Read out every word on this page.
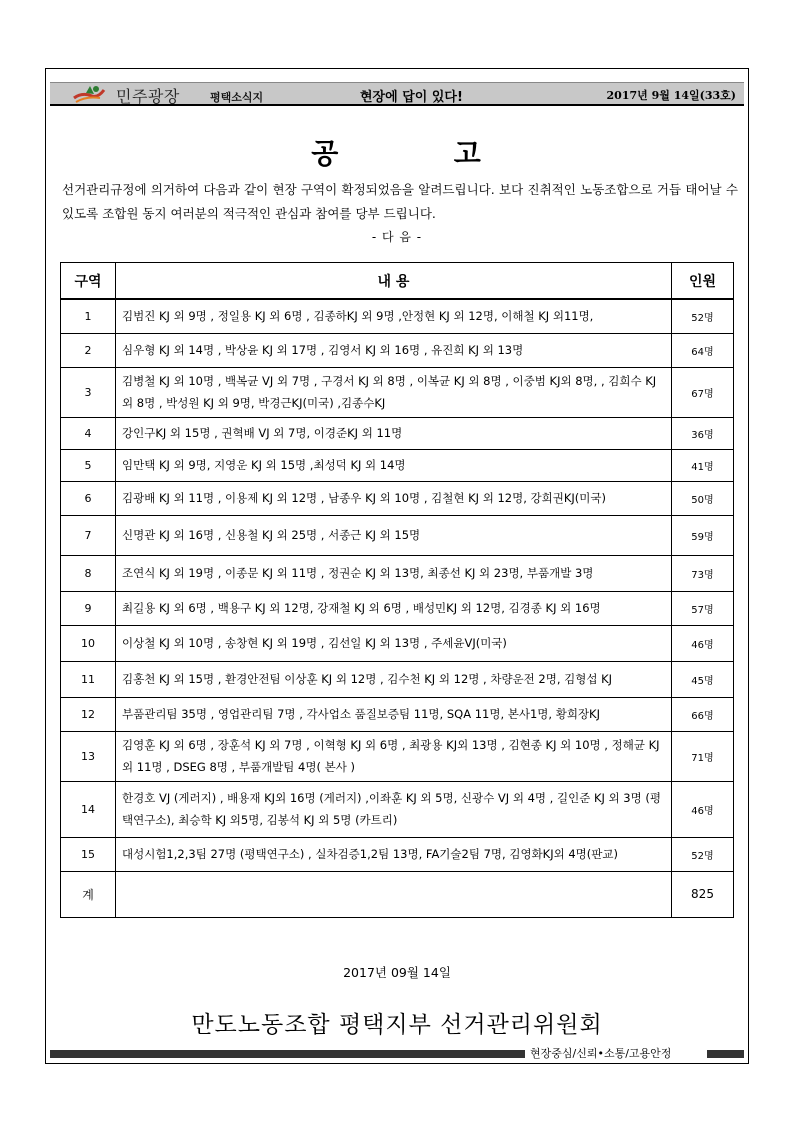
민주광장	평택소식지	현장에 답이 있다!	2017년 9월 14일(33호)
공	고
선거관리규정에 의거하여 다음과 같이 현장 구역이 확정되었음을 알려드립니다. 보다 진취적인 노동조합으로 거듭 태어날 수 있도록 조합원 동지 여러분의 적극적인 관심과 참여를 당부 드립니다.
- 다 음 -
구역	내 용	인원
1	김범진 KJ 외 9명 , 정일용 KJ 외 6명 , 김종하KJ 외 9명 ,안정현 KJ 외 12명, 이해철 KJ 외11명,	52명
2	심우형 KJ 외 14명 , 박상윤 KJ 외 17명 , 김영서 KJ 외 16명 , 유진희 KJ 외 13명	64명
3	김병철 KJ 외 10명 , 백복균 VJ 외 7명 , 구경서 KJ 외 8명 , 이복균 KJ 외 8명 , 이중범 KJ외 8명, , 김희수 KJ 외 8명 , 박성원 KJ 외 9명, 박경근KJ(미국) ,김종수KJ	67명
4	강인구KJ 외 15명 , 권혁배 VJ 외 7명, 이경준KJ 외 11명	36명
5	임만택 KJ 외 9명, 지영운 KJ 외 15명 ,최성덕 KJ 외 14명	41명
6	김광배 KJ 외 11명 , 이용제 KJ 외 12명 , 남종우 KJ 외 10명 , 김철현 KJ 외 12명, 강희권KJ(미국)	50명
7	신명관 KJ 외 16명 , 신용철 KJ 외 25명 , 서종근 KJ 외 15명	59명
8	조연식 KJ 외 19명 , 이종문 KJ 외 11명 , 정권순 KJ 외 13명, 최종선 KJ 외 23명, 부품개발 3명	73명
9	최길용 KJ 외 6명 , 백용구 KJ 외 12명, 강재철 KJ 외 6명 , 배성민KJ 외 12명, 김경종 KJ 외 16명	57명
10	이상철 KJ 외 10명 , 송창현 KJ 외 19명 , 김선일 KJ 외 13명 , 주세윤VJ(미국)	46명
11	김홍천 KJ 외 15명 , 환경안전팀 이상훈 KJ 외 12명 , 김수천 KJ 외 12명 , 차량운전 2명, 김형섭 KJ	45명
12	부품관리팀 35명 , 영업관리팀 7명 , 각사업소 품질보증팀 11명, SQA 11명, 본사1명, 황희장KJ	66명
13	김영훈 KJ 외 6명 , 장훈석 KJ 외 7명 , 이혁형 KJ 외 6명 , 최광용 KJ외 13명 , 김현종 KJ 외 10명 , 정해균 KJ 외 11명 , DSEG 8명 , 부품개발팀 4명( 본사 )	71명
14	한경호 VJ (게러지) , 배용재 KJ외 16명 (게러지) ,이좌훈 KJ 외 5명, 신광수 VJ 외 4명 , 길인준 KJ 외 3명 (평택연구소), 최승학 KJ 외5명, 김봉석 KJ 외 5명 (카트리)	46명
15	대성시험1,2,3팀 27명 (평택연구소) , 실차검증1,2팀 13명, FA기술2팀 7명, 김영화KJ외 4명(판교)	52명
계		825
2017년 09월 14일
만도노동조합 평택지부 선거관리위원회
현장중심/신뢰•소통/고용안정
